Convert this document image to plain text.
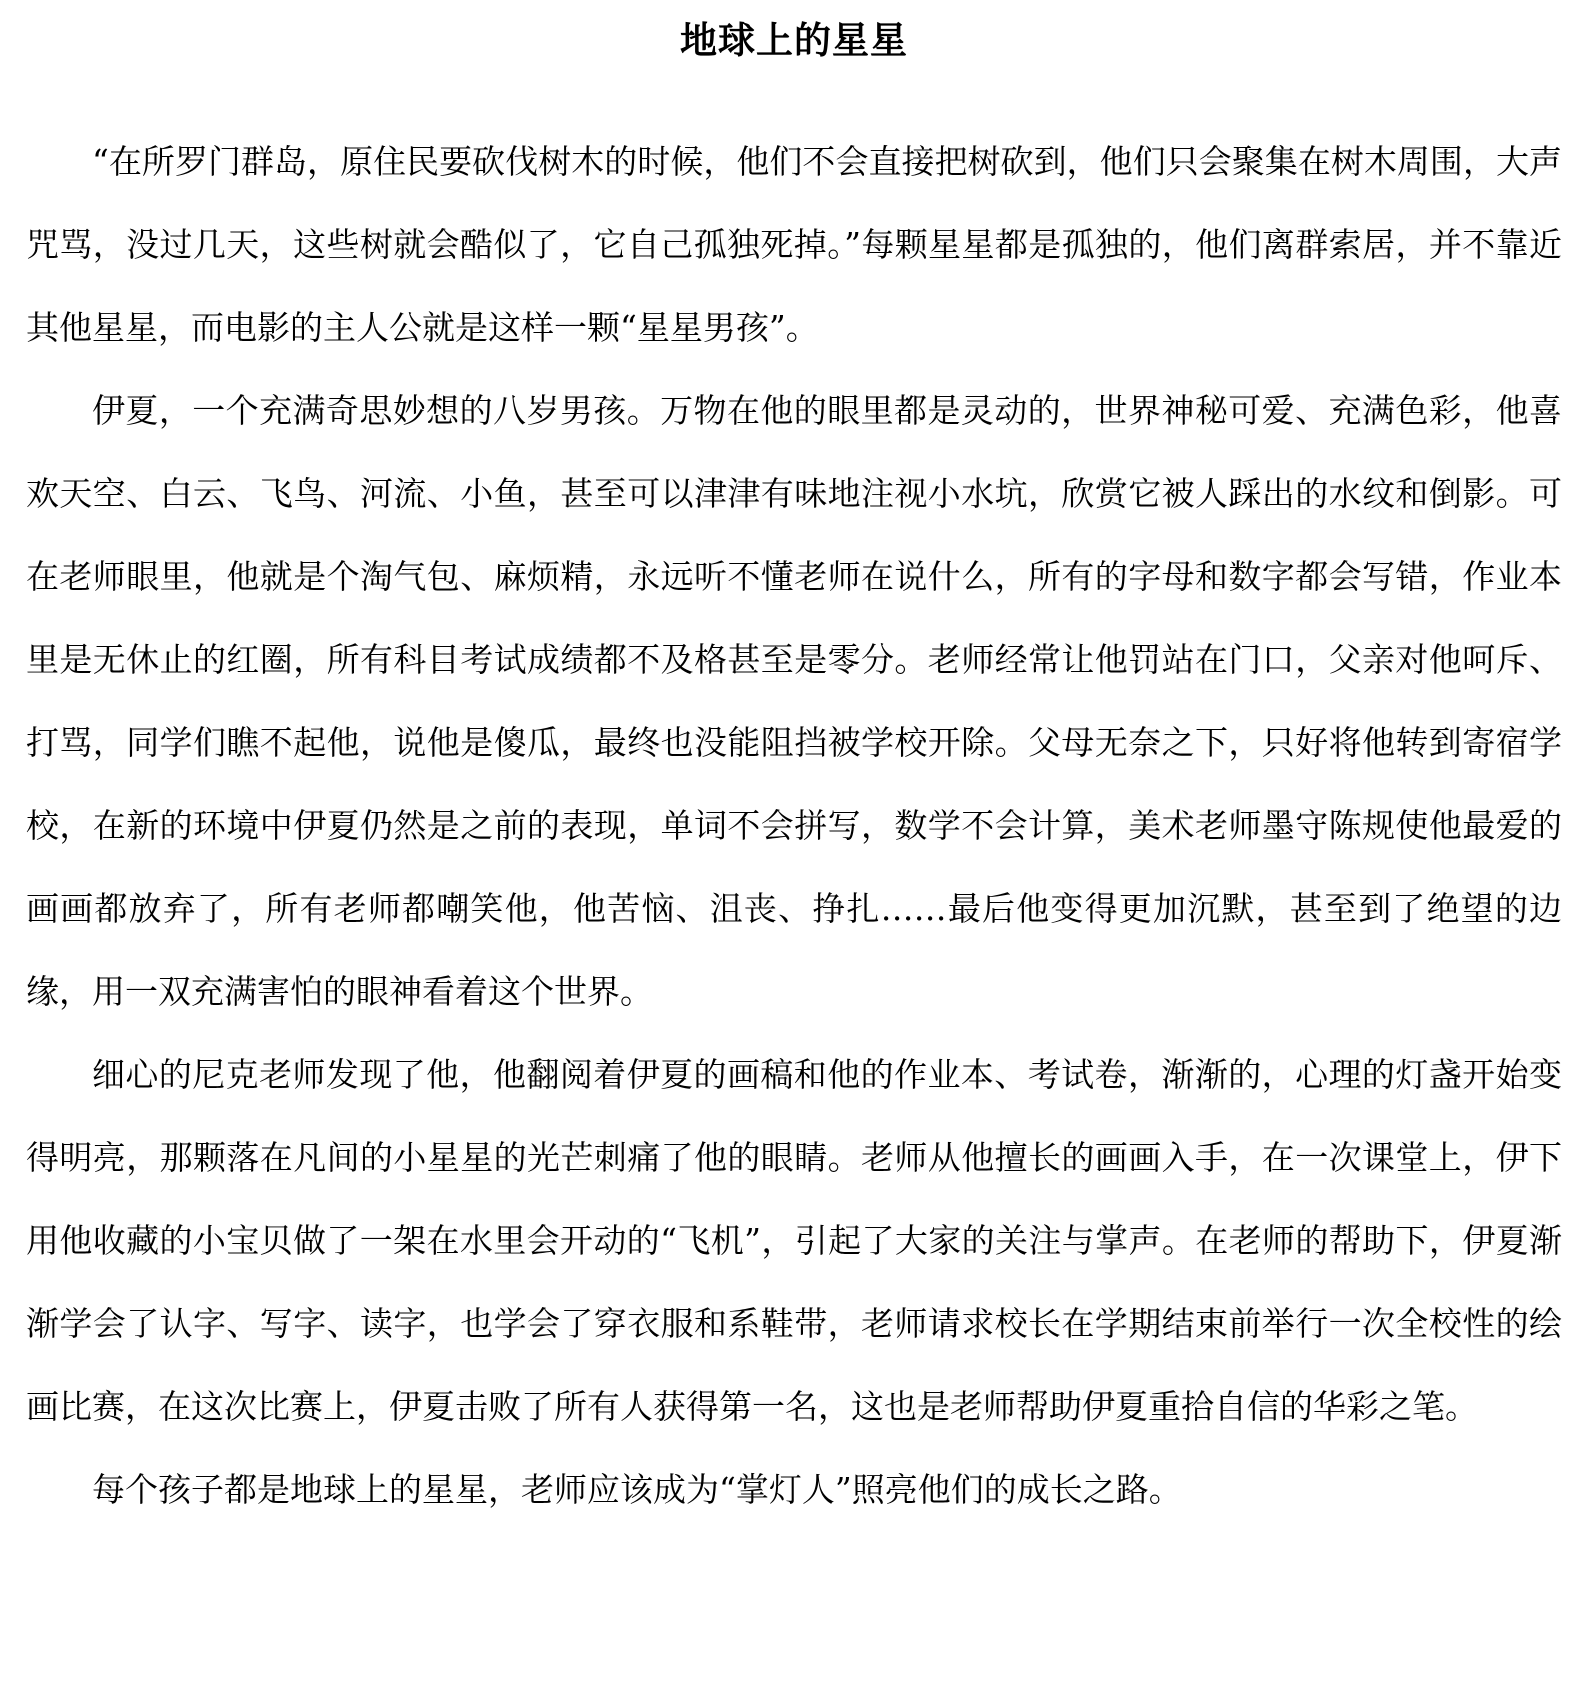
地球上的星星

“在所罗门群岛，原住民要砍伐树木的时候，他们不会直接把树砍到，他们只会聚集在树木周围，大声咒骂，没过几天，这些树就会酷似了，它自己孤独死掉。”每颗星星都是孤独的，他们离群索居，并不靠近其他星星，而电影的主人公就是这样一颗“星星男孩”。

伊夏，一个充满奇思妙想的八岁男孩。万物在他的眼里都是灵动的，世界神秘可爱、充满色彩，他喜欢天空、白云、飞鸟、河流、小鱼，甚至可以津津有味地注视小水坑，欣赏它被人踩出的水纹和倒影。可在老师眼里，他就是个淘气包、麻烦精，永远听不懂老师在说什么，所有的字母和数字都会写错，作业本里是无休止的红圈，所有科目考试成绩都不及格甚至是零分。老师经常让他罚站在门口，父亲对他呵斥、打骂，同学们瞧不起他，说他是傻瓜，最终也没能阻挡被学校开除。父母无奈之下，只好将他转到寄宿学校，在新的环境中伊夏仍然是之前的表现，单词不会拼写，数学不会计算，美术老师墨守陈规使他最爱的画画都放弃了，所有老师都嘲笑他，他苦恼、沮丧、挣扎……最后他变得更加沉默，甚至到了绝望的边缘，用一双充满害怕的眼神看着这个世界。

细心的尼克老师发现了他，他翻阅着伊夏的画稿和他的作业本、考试卷，渐渐的，心理的灯盏开始变得明亮，那颗落在凡间的小星星的光芒刺痛了他的眼睛。老师从他擅长的画画入手，在一次课堂上，伊下用他收藏的小宝贝做了一架在水里会开动的“飞机”，引起了大家的关注与掌声。在老师的帮助下，伊夏渐渐学会了认字、写字、读字，也学会了穿衣服和系鞋带，老师请求校长在学期结束前举行一次全校性的绘画比赛，在这次比赛上，伊夏击败了所有人获得第一名，这也是老师帮助伊夏重拾自信的华彩之笔。

每个孩子都是地球上的星星，老师应该成为“掌灯人”照亮他们的成长之路。
